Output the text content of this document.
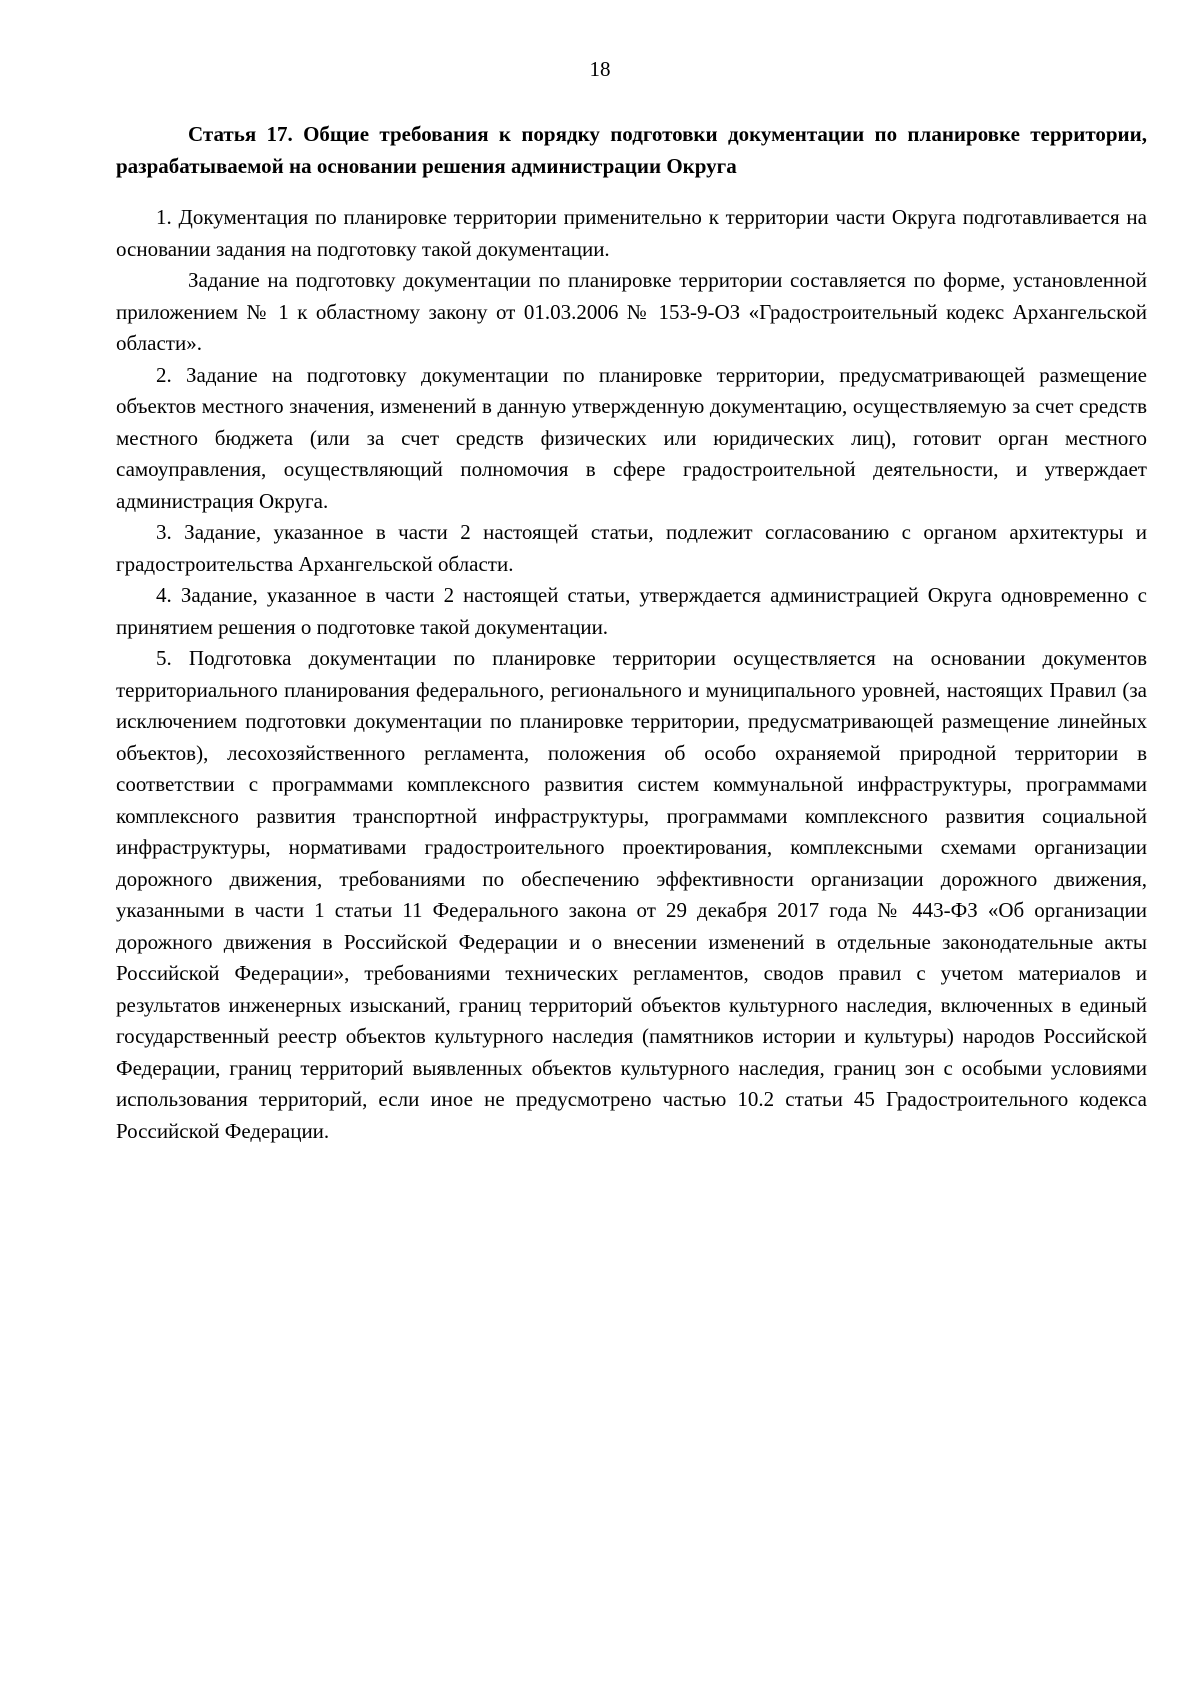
18

Статья 17. Общие требования к порядку подготовки документации по планировке территории, разрабатываемой на основании решения администрации Округа

1. Документация по планировке территории применительно к территории части Округа подготавливается на основании задания на подготовку такой документации.

Задание на подготовку документации по планировке территории составляется по форме, установленной приложением № 1 к областному закону от 01.03.2006 № 153-9-ОЗ «Градостроительный кодекс Архангельской области».

2. Задание на подготовку документации по планировке территории, предусматривающей размещение объектов местного значения, изменений в данную утвержденную документацию, осуществляемую за счет средств местного бюджета (или за счет средств физических или юридических лиц), готовит орган местного самоуправления, осуществляющий полномочия в сфере градостроительной деятельности, и утверждает администрация Округа.

3. Задание, указанное в части 2 настоящей статьи, подлежит согласованию с органом архитектуры и градостроительства Архангельской области.

4. Задание, указанное в части 2 настоящей статьи, утверждается администрацией Округа одновременно с принятием решения о подготовке такой документации.

5. Подготовка документации по планировке территории осуществляется на основании документов территориального планирования федерального, регионального и муниципального уровней, настоящих Правил (за исключением подготовки документации по планировке территории, предусматривающей размещение линейных объектов), лесохозяйственного регламента, положения об особо охраняемой природной территории в соответствии с программами комплексного развития систем коммунальной инфраструктуры, программами комплексного развития транспортной инфраструктуры, программами комплексного развития социальной инфраструктуры, нормативами градостроительного проектирования, комплексными схемами организации дорожного движения, требованиями по обеспечению эффективности организации дорожного движения, указанными в части 1 статьи 11 Федерального закона от 29 декабря 2017 года № 443-ФЗ «Об организации дорожного движения в Российской Федерации и о внесении изменений в отдельные законодательные акты Российской Федерации», требованиями технических регламентов, сводов правил с учетом материалов и результатов инженерных изысканий, границ территорий объектов культурного наследия, включенных в единый государственный реестр объектов культурного наследия (памятников истории и культуры) народов Российской Федерации, границ территорий выявленных объектов культурного наследия, границ зон с особыми условиями использования территорий, если иное не предусмотрено частью 10.2 статьи 45 Градостроительного кодекса Российской Федерации.
